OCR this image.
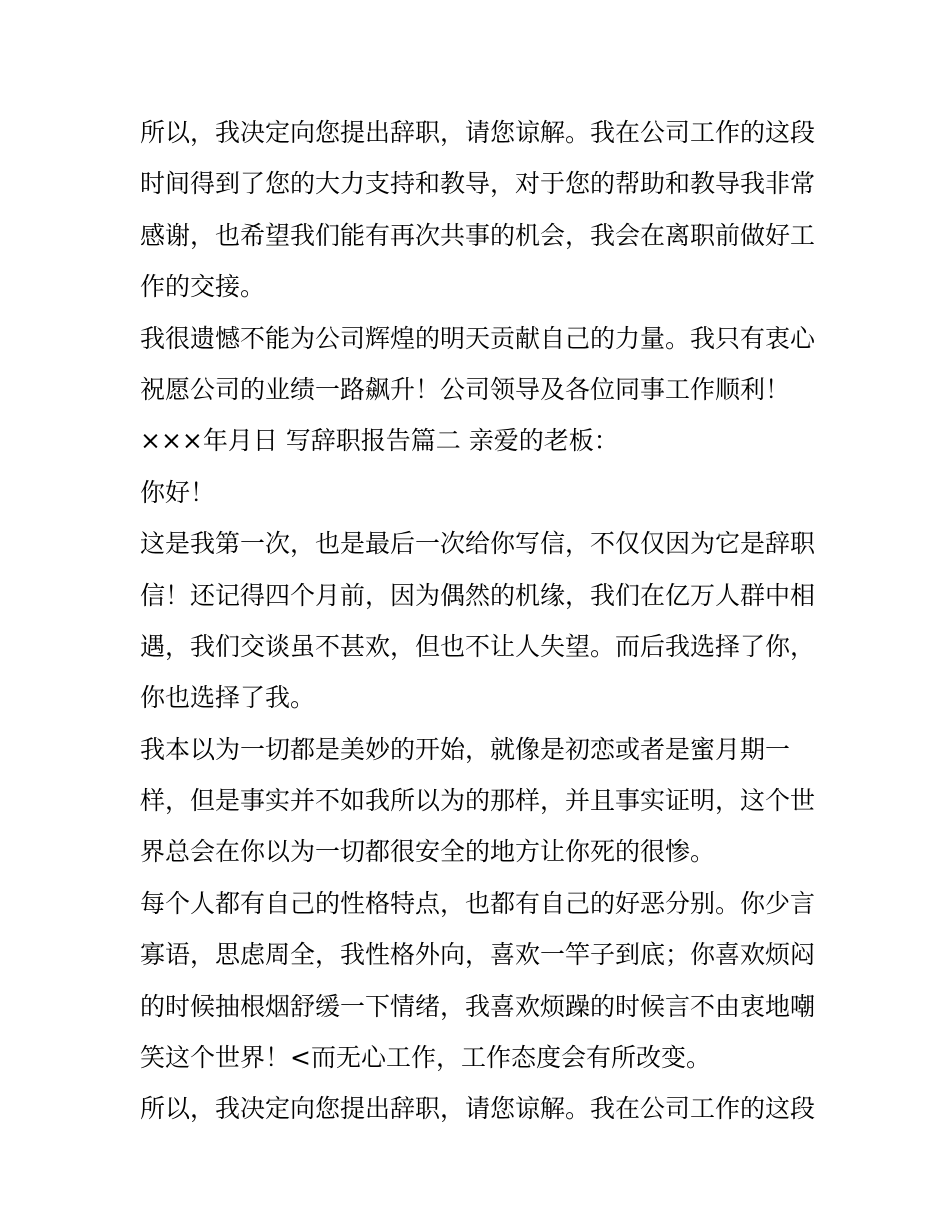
所以，我决定向您提出辞职，请您谅解。我在公司工作的这段
时间得到了您的大力支持和教导，对于您的帮助和教导我非常
感谢，也希望我们能有再次共事的机会，我会在离职前做好工
作的交接。
我很遗憾不能为公司辉煌的明天贡献自己的力量。我只有衷心
祝愿公司的业绩一路飙升！公司领导及各位同事工作顺利！
×××年月日 写辞职报告篇二 亲爱的老板：
你好！
这是我第一次，也是最后一次给你写信，不仅仅因为它是辞职
信！还记得四个月前，因为偶然的机缘，我们在亿万人群中相
遇，我们交谈虽不甚欢，但也不让人失望。而后我选择了你，
你也选择了我。
我本以为一切都是美妙的开始，就像是初恋或者是蜜月期一
样，但是事实并不如我所以为的那样，并且事实证明，这个世
界总会在你以为一切都很安全的地方让你死的很惨。
每个人都有自己的性格特点，也都有自己的好恶分别。你少言
寡语，思虑周全，我性格外向，喜欢一竿子到底；你喜欢烦闷
的时候抽根烟舒缓一下情绪，我喜欢烦躁的时候言不由衷地嘲
笑这个世界！<而无心工作，工作态度会有所改变。
所以，我决定向您提出辞职，请您谅解。我在公司工作的这段
